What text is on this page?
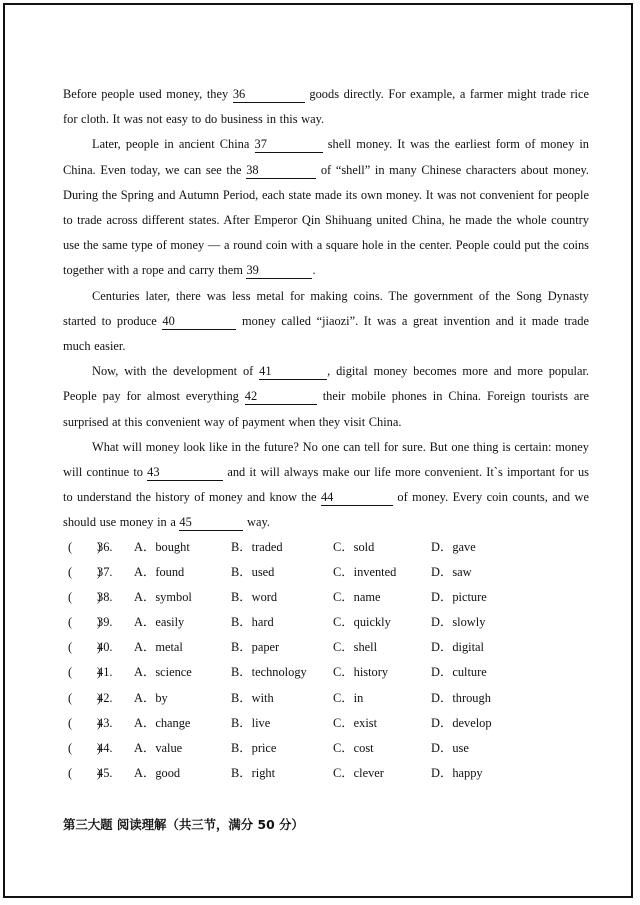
Before people used money, they 36	goods directly. For example, a farmer might trade rice for cloth. It was not easy to do business in this way.

Later, people in ancient China 37	shell money. It was the earliest form of money in China. Even today, we can see the 38	of “shell” in many Chinese characters about money. During the Spring and Autumn Period, each state made its own money. It was not convenient for people to trade across different states. After Emperor Qin Shihuang united China, he made the whole country use the same type of money — a round coin with a square hole in the center. People could put the coins together with a rope and carry them 39	.

Centuries later, there was less metal for making coins. The government of the Song Dynasty started to produce 40	money called “jiaozi”. It was a great invention and it made trade much easier.

Now, with the development of 41	, digital money becomes more and more popular. People pay for almost everything 42	their mobile phones in China. Foreign tourists are surprised at this convenient way of payment when they visit China.

What will money look like in the future? No one can tell for sure. But one thing is certain: money will continue to 43	and it will always make our life more convenient. It`s important for us to understand the history of money and know the 44	of money. Every coin counts, and we should use money in a 45	way.

(　　)
36. A．bought	B．traded	C．sold	D．gave
(　　)
37. A．found	B．used	C．invented	D．saw
(　　)
38. A．symbol	B．word	C．name	D．picture
(　　)
39. A．easily	B．hard	C．quickly	D．slowly
(　　)
40. A．metal	B．paper	C．shell	D．digital
(　　)
41. A．science	B．technology C．history	D．culture
(　　)
42. A．by	B．with	C．in	D．through
(　　)
43. A．change	B．live	C．exist	D．develop
(　　)
44. A．value	B．price	C．cost	D．use
(　　)
45. A．good	B．right	C．clever	D．happy
第三大题 阅读理解（共三节，满分 50 分）
